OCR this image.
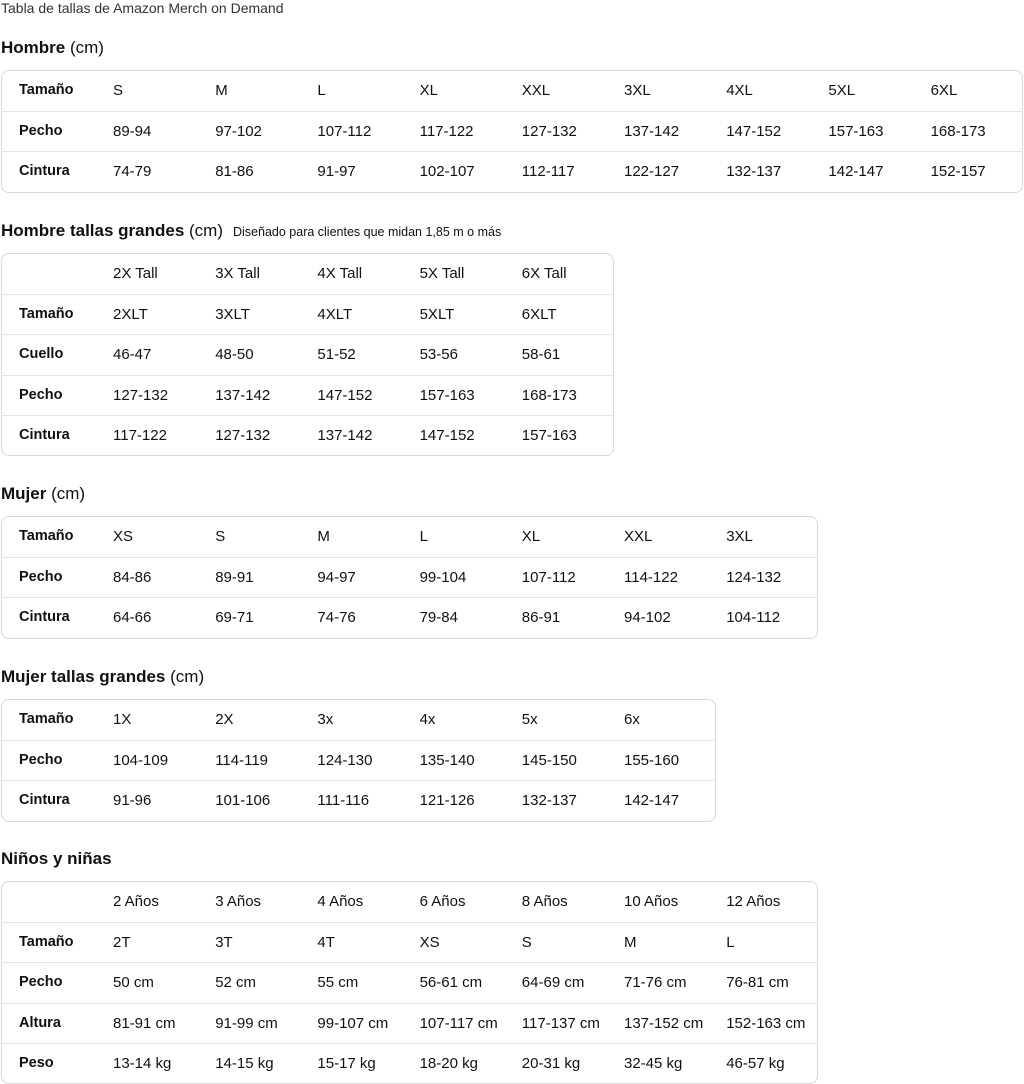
Tabla de tallas de Amazon Merch on Demand
Hombre (cm)
Tamaño	S	M	L	XL	XXL	3XL	4XL	5XL	6XL
Pecho	89-94	97-102	107-112	117-122	127-132	137-142	147-152	157-163	168-173
Cintura	74-79	81-86	91-97	102-107	112-117	122-127	132-137	142-147	152-157
Hombre tallas grandes (cm) Diseñado para clientes que midan 1,85 m o más
2X Tall	3X Tall	4X Tall	5X Tall	6X Tall
Tamaño	2XLT	3XLT	4XLT	5XLT	6XLT
Cuello	46-47	48-50	51-52	53-56	58-61
Pecho	127-132	137-142	147-152	157-163	168-173
Cintura	117-122	127-132	137-142	147-152	157-163
Mujer (cm)
Tamaño	XS	S	M	L	XL	XXL	3XL
Pecho	84-86	89-91	94-97	99-104	107-112	114-122	124-132
Cintura	64-66	69-71	74-76	79-84	86-91	94-102	104-112
Mujer tallas grandes (cm)
Tamaño	1X	2X	3x	4x	5x	6x
Pecho	104-109	114-119	124-130	135-140	145-150	155-160
Cintura	91-96	101-106	111-116	121-126	132-137	142-147
Niños y niñas
2 Años	3 Años	4 Años	6 Años	8 Años	10 Años	12 Años
Tamaño	2T	3T	4T	XS	S	M	L
Pecho	50 cm	52 cm	55 cm	56-61 cm	64-69 cm	71-76 cm	76-81 cm
Altura	81-91 cm	91-99 cm	99-107 cm 107-117 cm 117-137 cm 137-152 cm 152-163 cm
Peso	13-14 kg	14-15 kg	15-17 kg	18-20 kg	20-31 kg	32-45 kg	46-57 kg
